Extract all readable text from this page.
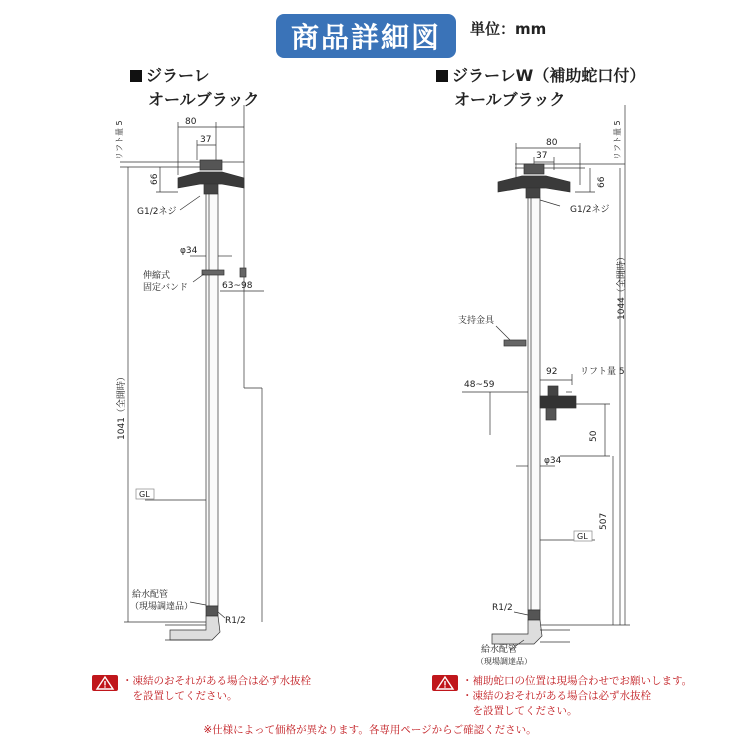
商品詳細図	単位：mm
ジラーレ
オールブラック
ジラーレW（補助蛇口付）
オールブラック
80
37
リフト量 5
66
G1/2ネジ
φ34
伸縮式
固定バンド	63~98
1041（全開時）
GL
給水配管
（現場調達品）
R1/2
80
37	リフト量 5
66
G1/2ネジ
1044（全開時）
支持金具
92	リフト量 5
48~59
50
φ34
GL
507
R1/2
給水配管
（現場調達品）
・凍結のおそれがある場合は必ず水抜栓
　を設置してください。
・補助蛇口の位置は現場合わせでお願いします。
・凍結のおそれがある場合は必ず水抜栓
　を設置してください。
※仕様によって価格が異なります。各専用ページからご確認ください。
